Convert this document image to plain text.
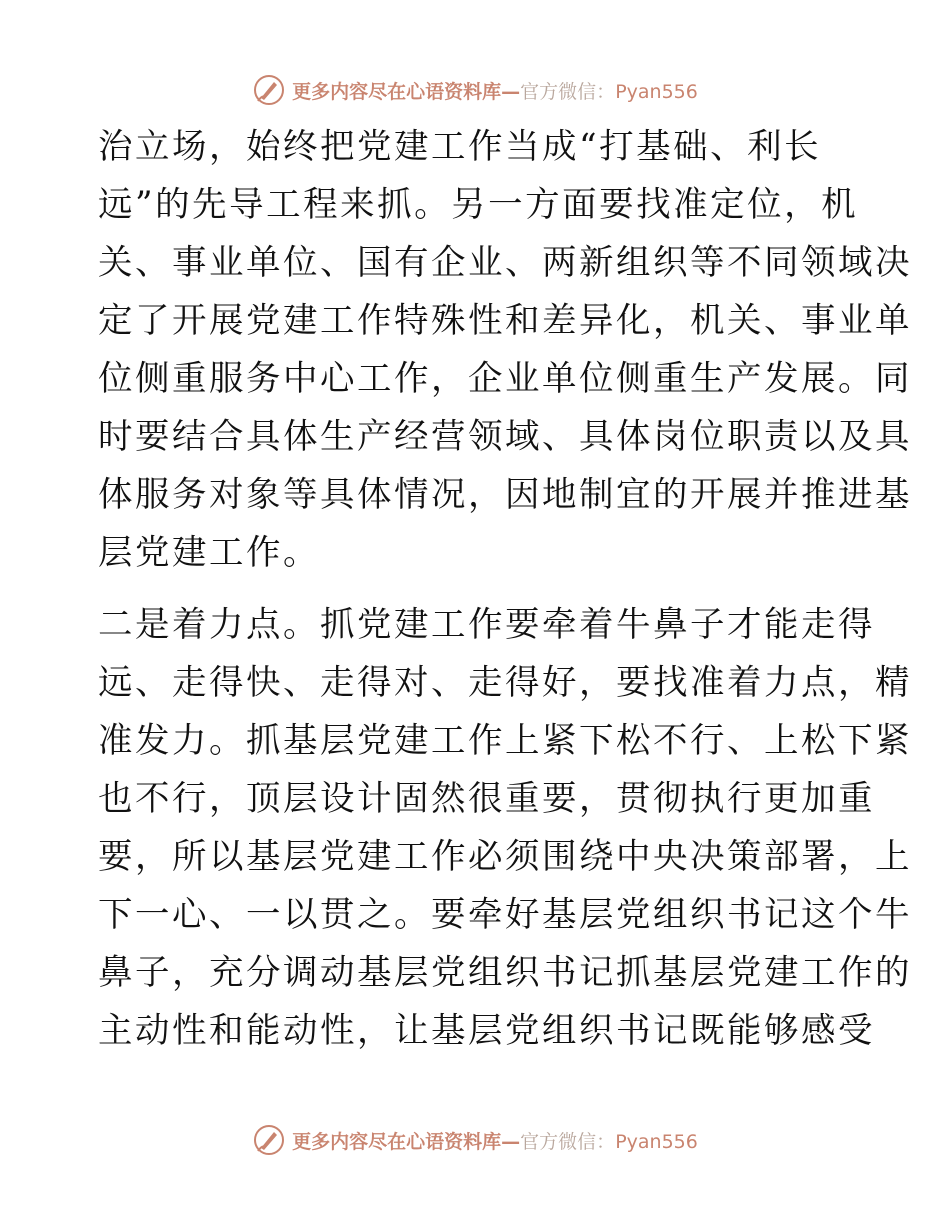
更多内容尽在心语资料库—官方微信：Pyan556
治立场，始终把党建工作当成“打基础、利长
远”的先导工程来抓。另一方面要找准定位，机
关、事业单位、国有企业、两新组织等不同领域决
定了开展党建工作特殊性和差异化，机关、事业单
位侧重服务中心工作，企业单位侧重生产发展。同
时要结合具体生产经营领域、具体岗位职责以及具
体服务对象等具体情况，因地制宜的开展并推进基
层党建工作。
二是着力点。抓党建工作要牵着牛鼻子才能走得
远、走得快、走得对、走得好，要找准着力点，精
准发力。抓基层党建工作上紧下松不行、上松下紧
也不行，顶层设计固然很重要，贯彻执行更加重
要，所以基层党建工作必须围绕中央决策部署，上
下一心、一以贯之。要牵好基层党组织书记这个牛
鼻子，充分调动基层党组织书记抓基层党建工作的
主动性和能动性，让基层党组织书记既能够感受
更多内容尽在心语资料库—官方微信：Pyan556
